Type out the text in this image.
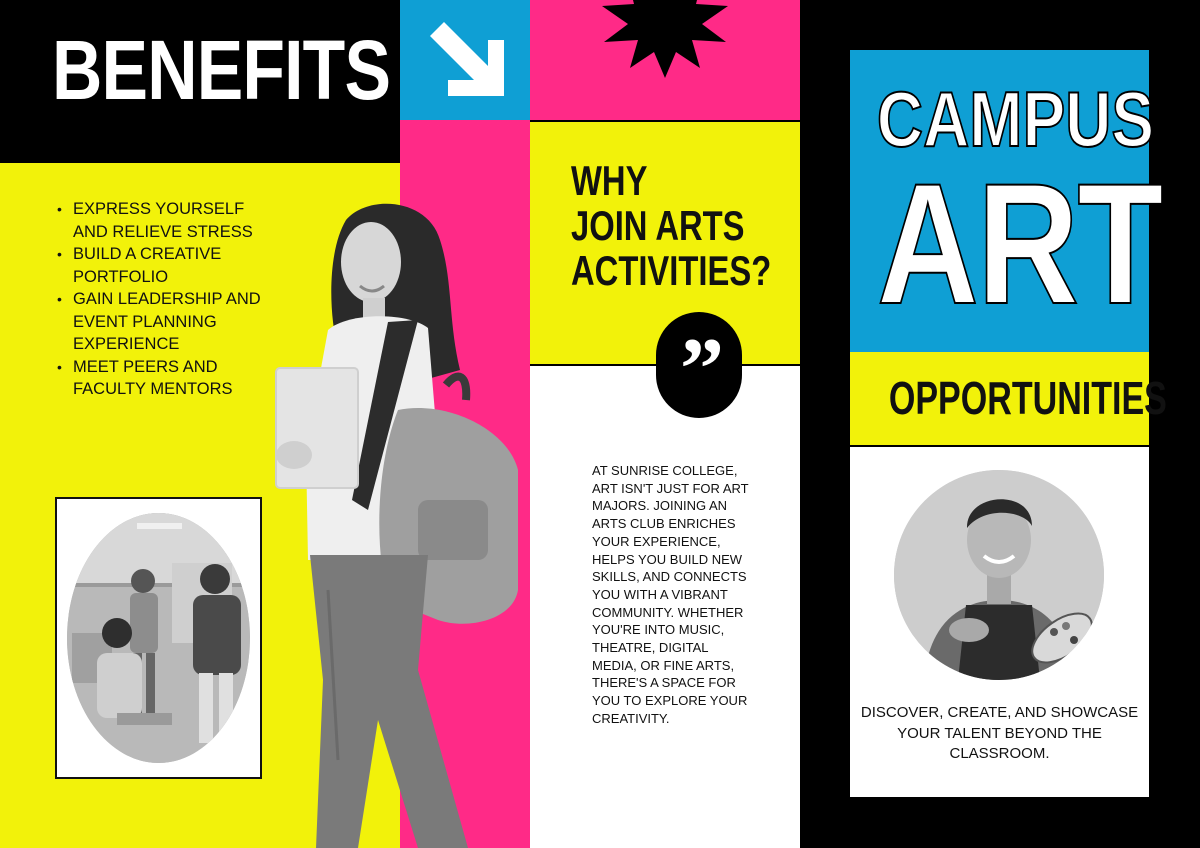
BENEFITS
• EXPRESS YOURSELF AND RELIEVE STRESS
• BUILD A CREATIVE PORTFOLIO
• GAIN LEADERSHIP AND EVENT PLANNING EXPERIENCE
• MEET PEERS AND FACULTY MENTORS
WHY
JOIN ARTS
ACTIVITIES?
”
AT SUNRISE COLLEGE, ART ISN'T JUST FOR ART MAJORS. JOINING AN ARTS CLUB ENRICHES YOUR EXPERIENCE, HELPS YOU BUILD NEW SKILLS, AND CONNECTS YOU WITH A VIBRANT COMMUNITY. WHETHER YOU'RE INTO MUSIC, THEATRE, DIGITAL MEDIA, OR FINE ARTS, THERE'S A SPACE FOR YOU TO EXPLORE YOUR CREATIVITY.
CAMPUS
ART
OPPORTUNITIES
DISCOVER, CREATE, AND SHOWCASE YOUR TALENT BEYOND THE CLASSROOM.
